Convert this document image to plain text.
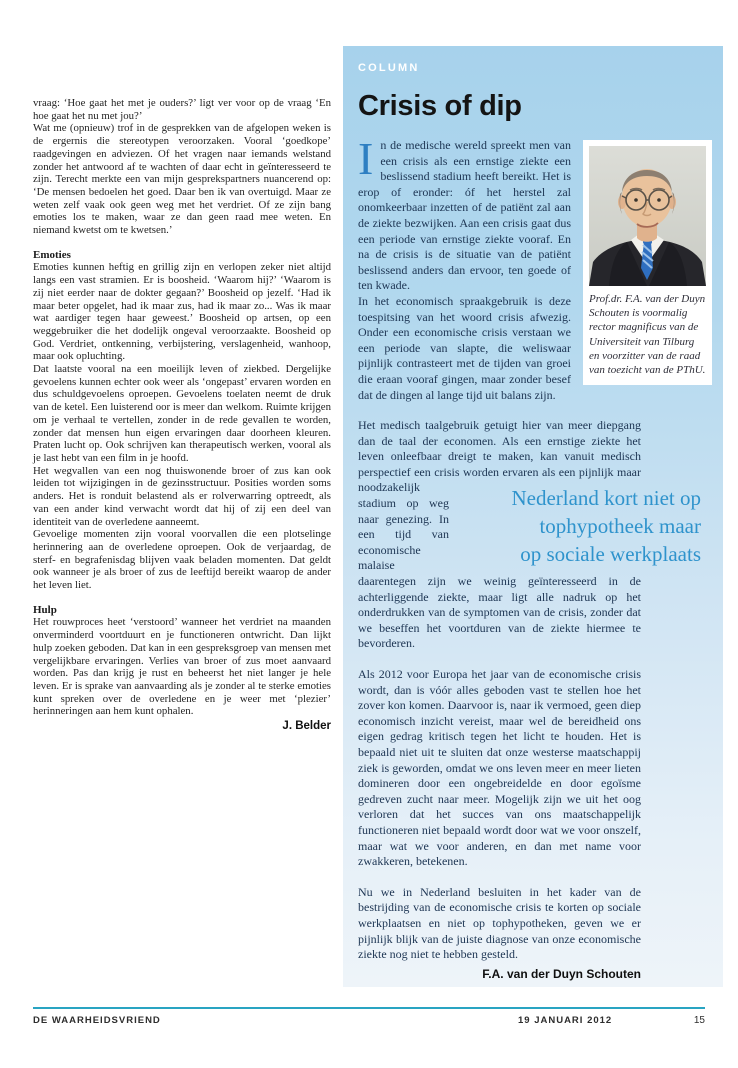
vraag: ‘Hoe gaat het met je ouders?’ ligt ver voor op de vraag ‘En hoe gaat het nu met jou?’
Wat me (opnieuw) trof in de gesprekken van de afgelopen weken is de ergernis die stereotypen veroorzaken. Vooral ‘goedkope’ raadgevingen en adviezen. Of het vragen naar iemands welstand zonder het antwoord af te wachten of daar echt in geïnteresseerd te zijn. Terecht merkte een van mijn gesprekspartners nuancerend op: ‘De mensen bedoelen het goed. Daar ben ik van overtuigd. Maar ze weten zelf vaak ook geen weg met het verdriet. Of ze zijn bang emoties los te maken, waar ze dan geen raad mee weten. En niemand kwetst om te kwetsen.’
Emoties
Emoties kunnen heftig en grillig zijn en verlopen zeker niet altijd langs een vast stramien. Er is boosheid. ‘Waarom hij?’ ‘Waarom is zij niet eerder naar de dokter gegaan?’ Boosheid op jezelf. ‘Had ik maar beter opgelet, had ik maar zus, had ik maar zo... Was ik maar wat aardiger tegen haar geweest.’ Boosheid op artsen, op een weggebruiker die het dodelijk ongeval veroorzaakte. Boosheid op God. Verdriet, ontkenning, verbijstering, verslagenheid, wanhoop, maar ook opluchting.
Dat laatste vooral na een moeilijk leven of ziekbed. Dergelijke gevoelens kunnen echter ook weer als ‘ongepast’ ervaren worden en dus schuldgevoelens oproepen. Gevoelens toelaten neemt de druk van de ketel. Een luisterend oor is meer dan welkom. Ruimte krijgen om je verhaal te vertellen, zonder in de rede gevallen te worden, zonder dat mensen hun eigen ervaringen daar doorheen kleuren. Praten lucht op. Ook schrijven kan therapeutisch werken, vooral als je last hebt van een film in je hoofd.
Het wegvallen van een nog thuiswonende broer of zus kan ook leiden tot wijzigingen in de gezinsstructuur. Posities worden soms anders. Het is ronduit belastend als er rolverwarring optreedt, als van een ander kind verwacht wordt dat hij of zij een deel van identiteit van de overledene aanneemt.
Gevoelige momenten zijn vooral voorvallen die een plotselinge herinnering aan de overledene oproepen. Ook de verjaardag, de sterf- en begrafenisdag blijven vaak beladen momenten. Dat geldt ook wanneer je als broer of zus de leeftijd bereikt waarop de ander het leven liet.
Hulp
Het rouwproces heet ‘verstoord’ wanneer het verdriet na maanden onverminderd voortduurt en je functioneren ontwricht. Dan lijkt hulp zoeken geboden. Dat kan in een gespreksgroep van mensen met vergelijkbare ervaringen. Verlies van broer of zus moet aanvaard worden. Pas dan krijg je rust en beheerst het niet langer je hele leven. Er is sprake van aanvaarding als je zonder al te sterke emoties kunt spreken over de overledene en je weer met ‘plezier’ herinneringen aan hem kunt ophalen.
J. Belder
COLUMN
Crisis of dip
Prof.dr. F.A. van der Duyn Schouten is voormalig rector magnificus van de Universiteit van Tilburg en voorzitter van de raad van toezicht van de PThU.
In de medische wereld spreekt men van een crisis als een ernstige ziekte een beslissend stadium heeft bereikt. Het is erop of eronder: óf het herstel zal onomkeerbaar inzetten of de patiënt zal aan de ziekte bezwijken. Aan een crisis gaat dus een periode van ernstige ziekte vooraf. En na de crisis is de situatie van de patiënt beslissend anders dan ervoor, ten goede of ten kwade.
In het economisch spraakgebruik is deze toespitsing van het woord crisis afwezig. Onder een economische crisis verstaan we een periode van slapte, die weliswaar pijnlijk contrasteert met de tijden van groei die eraan vooraf gingen, maar zonder besef dat de dingen al lange tijd uit balans zijn.
Het medisch taalgebruik getuigt hier van meer diepgang dan de taal der economen. Als een ernstige ziekte het leven onleefbaar dreigt te maken, kan vanuit medisch perspectief een crisis worden ervaren
Nederland kort niet op
tophypotheek maar
op sociale werkplaats
als een pijnlijk maar noodzakelijk stadium op weg naar genezing. In een tijd van economische malaise daarentegen zijn we weinig geïnteresseerd in de achterliggende ziekte, maar ligt alle nadruk op het onderdrukken van de symptomen van de crisis, zonder dat we beseffen het voortduren van de ziekte hiermee te bevorderen.
Als 2012 voor Europa het jaar van de economische crisis wordt, dan is vóór alles geboden vast te stellen hoe het zover kon komen. Daarvoor is, naar ik vermoed, geen diep economisch inzicht vereist, maar wel de bereidheid ons eigen gedrag kritisch tegen het licht te houden. Het is bepaald niet uit te sluiten dat onze westerse maatschappij ziek is geworden, omdat we ons leven meer en meer lieten domineren door een ongebreidelde en door egoïsme gedreven zucht naar meer. Mogelijk zijn we uit het oog verloren dat het succes van ons maatschappelijk functioneren niet bepaald wordt door wat we voor onszelf, maar wat we voor anderen, en dan met name voor zwakkeren, betekenen.
Nu we in Nederland besluiten in het kader van de bestrijding van de economische crisis te korten op sociale werkplaatsen en niet op tophypotheken, geven we er pijnlijk blijk van de juiste diagnose van onze economische ziekte nog niet te hebben gesteld.
F.A. van der Duyn Schouten
DE WAARHEIDSVRIEND	19 JANUARI 2012	15
